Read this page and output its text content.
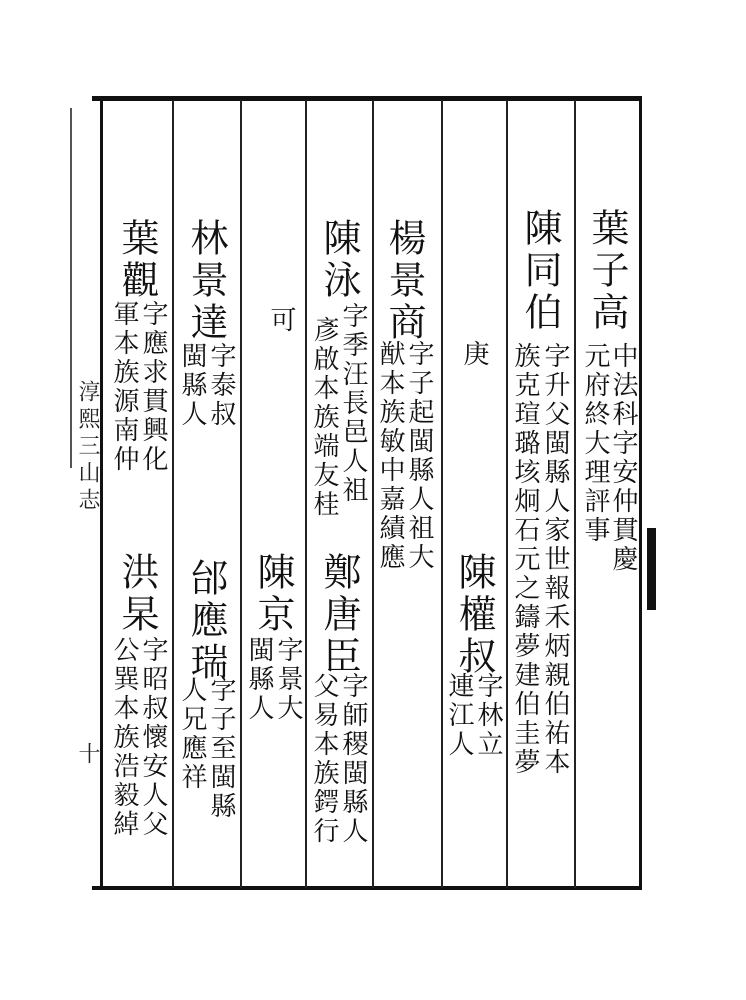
葉子高
中法科字安仲貫慶
元府終大理評事
陳同伯
字升父閩縣人家世報禾炳親伯祐本
族克瑄璐垓炯石元之鑄夢建伯圭夢
庚
陳權叔
字林立
連江人
楊景商
字子起閩縣人祖大
猷本族敏中嘉績應
陳泳
字季汪長邑人祖
彥啟本族端友桂
鄭唐臣
字師稷閩縣人
父易本族鍔行
可
陳京
字景大
閩縣人
林景達
字泰叔
閩縣人
邰應瑞
字子至閩縣
人兄應祥
葉觀
字應求貫興化
軍本族源南仲
洪杲
字昭叔懷安人父
公巽本族浩毅綽
淳熙三山志
十
